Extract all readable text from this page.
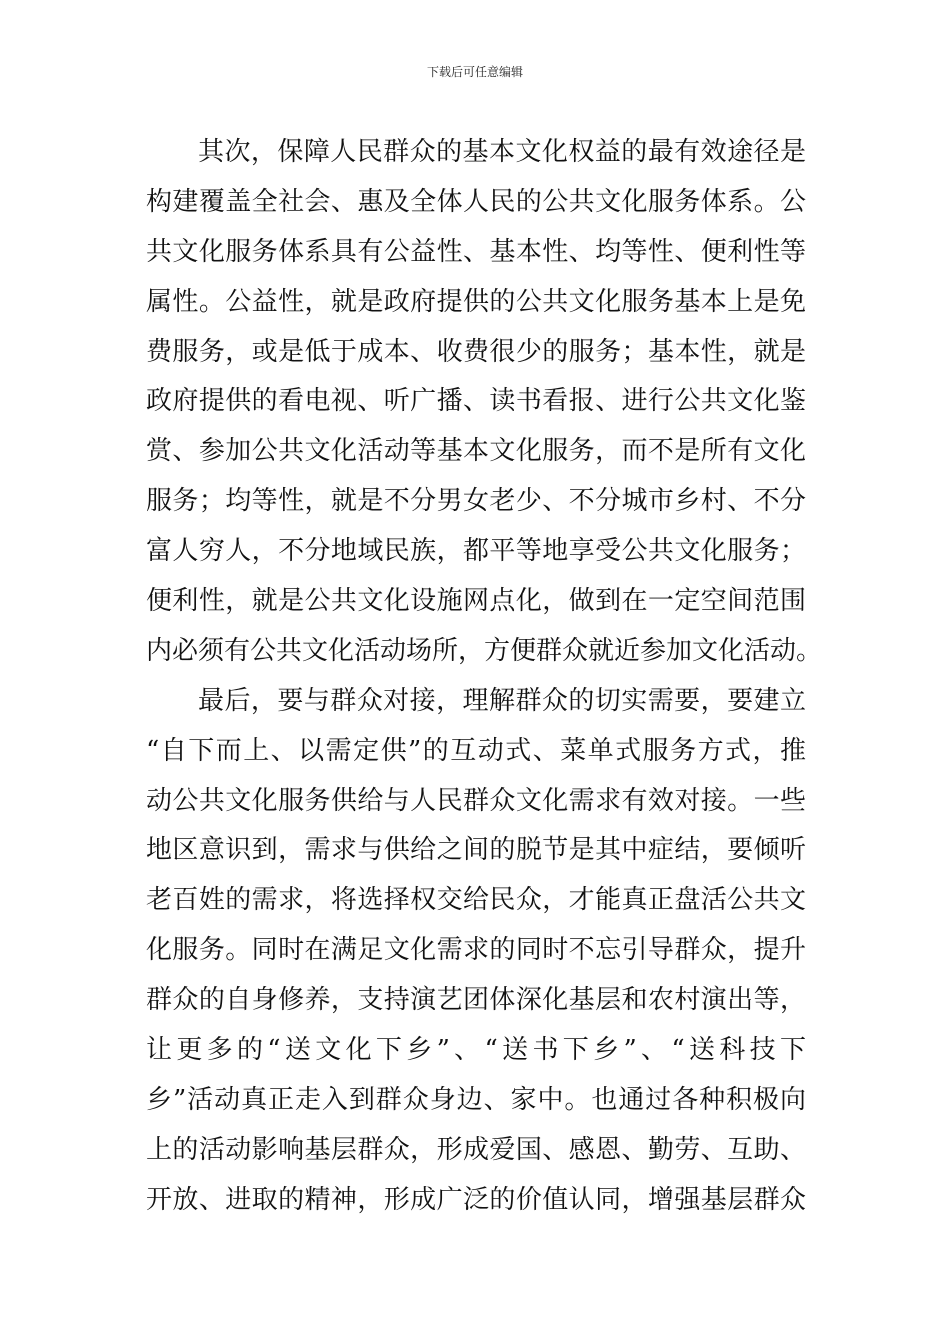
下载后可任意编辑
其次，保障人民群众的基本文化权益的最有效途径是
构建覆盖全社会、惠及全体人民的公共文化服务体系。公
共文化服务体系具有公益性、基本性、均等性、便利性等
属性。公益性，就是政府提供的公共文化服务基本上是免
费服务，或是低于成本、收费很少的服务；基本性，就是
政府提供的看电视、听广播、读书看报、进行公共文化鉴
赏、参加公共文化活动等基本文化服务，而不是所有文化
服务；均等性，就是不分男女老少、不分城市乡村、不分
富人穷人，不分地域民族，都平等地享受公共文化服务；
便利性，就是公共文化设施网点化，做到在一定空间范围
内必须有公共文化活动场所，方便群众就近参加文化活动。
最后，要与群众对接，理解群众的切实需要，要建立
“自下而上、以需定供”的互动式、菜单式服务方式，推
动公共文化服务供给与人民群众文化需求有效对接。一些
地区意识到，需求与供给之间的脱节是其中症结，要倾听
老百姓的需求，将选择权交给民众，才能真正盘活公共文
化服务。同时在满足文化需求的同时不忘引导群众，提升
群众的自身修养，支持演艺团体深化基层和农村演出等，
让更多的“送文化下乡”、“送书下乡”、“送科技下
乡”活动真正走入到群众身边、家中。也通过各种积极向
上的活动影响基层群众，形成爱国、感恩、勤劳、互助、
开放、进取的精神，形成广泛的价值认同，增强基层群众
